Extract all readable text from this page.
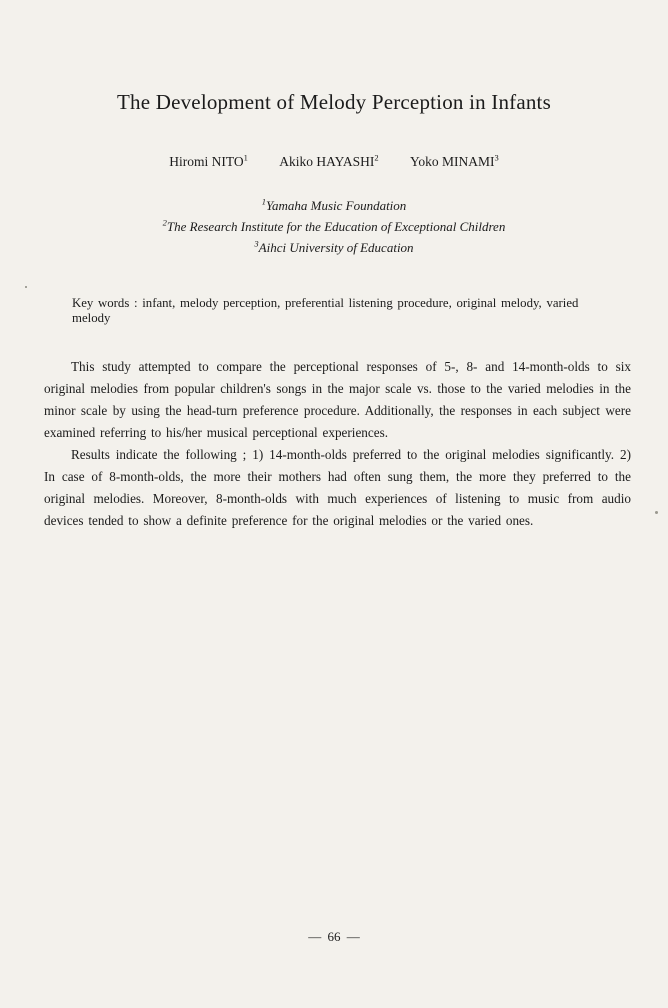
The Development of Melody Perception in Infants
Hiromi NITO$^1$ Akiko HAYASHI$^2$ Yoko MINAMI$^3$
$^1$Yamaha Music Foundation
$^2$The Research Institute for the Education of Exceptional Children
$^3$Aihci University of Education

Key words : infant, melody perception, preferential listening procedure, original melody, varied melody

This study attempted to compare the perceptional responses of 5-, 8- and 14-month-olds to six original melodies from popular children's songs in the major scale vs. those to the varied melodies in the minor scale by using the head-turn preference procedure. Additionally, the responses in each subject were examined referring to his/her musical perceptional experiences.

Results indicate the following ; 1) 14-month-olds preferred to the original melodies significantly. 2) In case of 8-month-olds, the more their mothers had often sung them, the more they preferred to the original melodies. Moreover, 8-month-olds with much experiences of listening to music from audio devices tended to show a definite preference for the original melodies or the varied ones.

— 66 —
